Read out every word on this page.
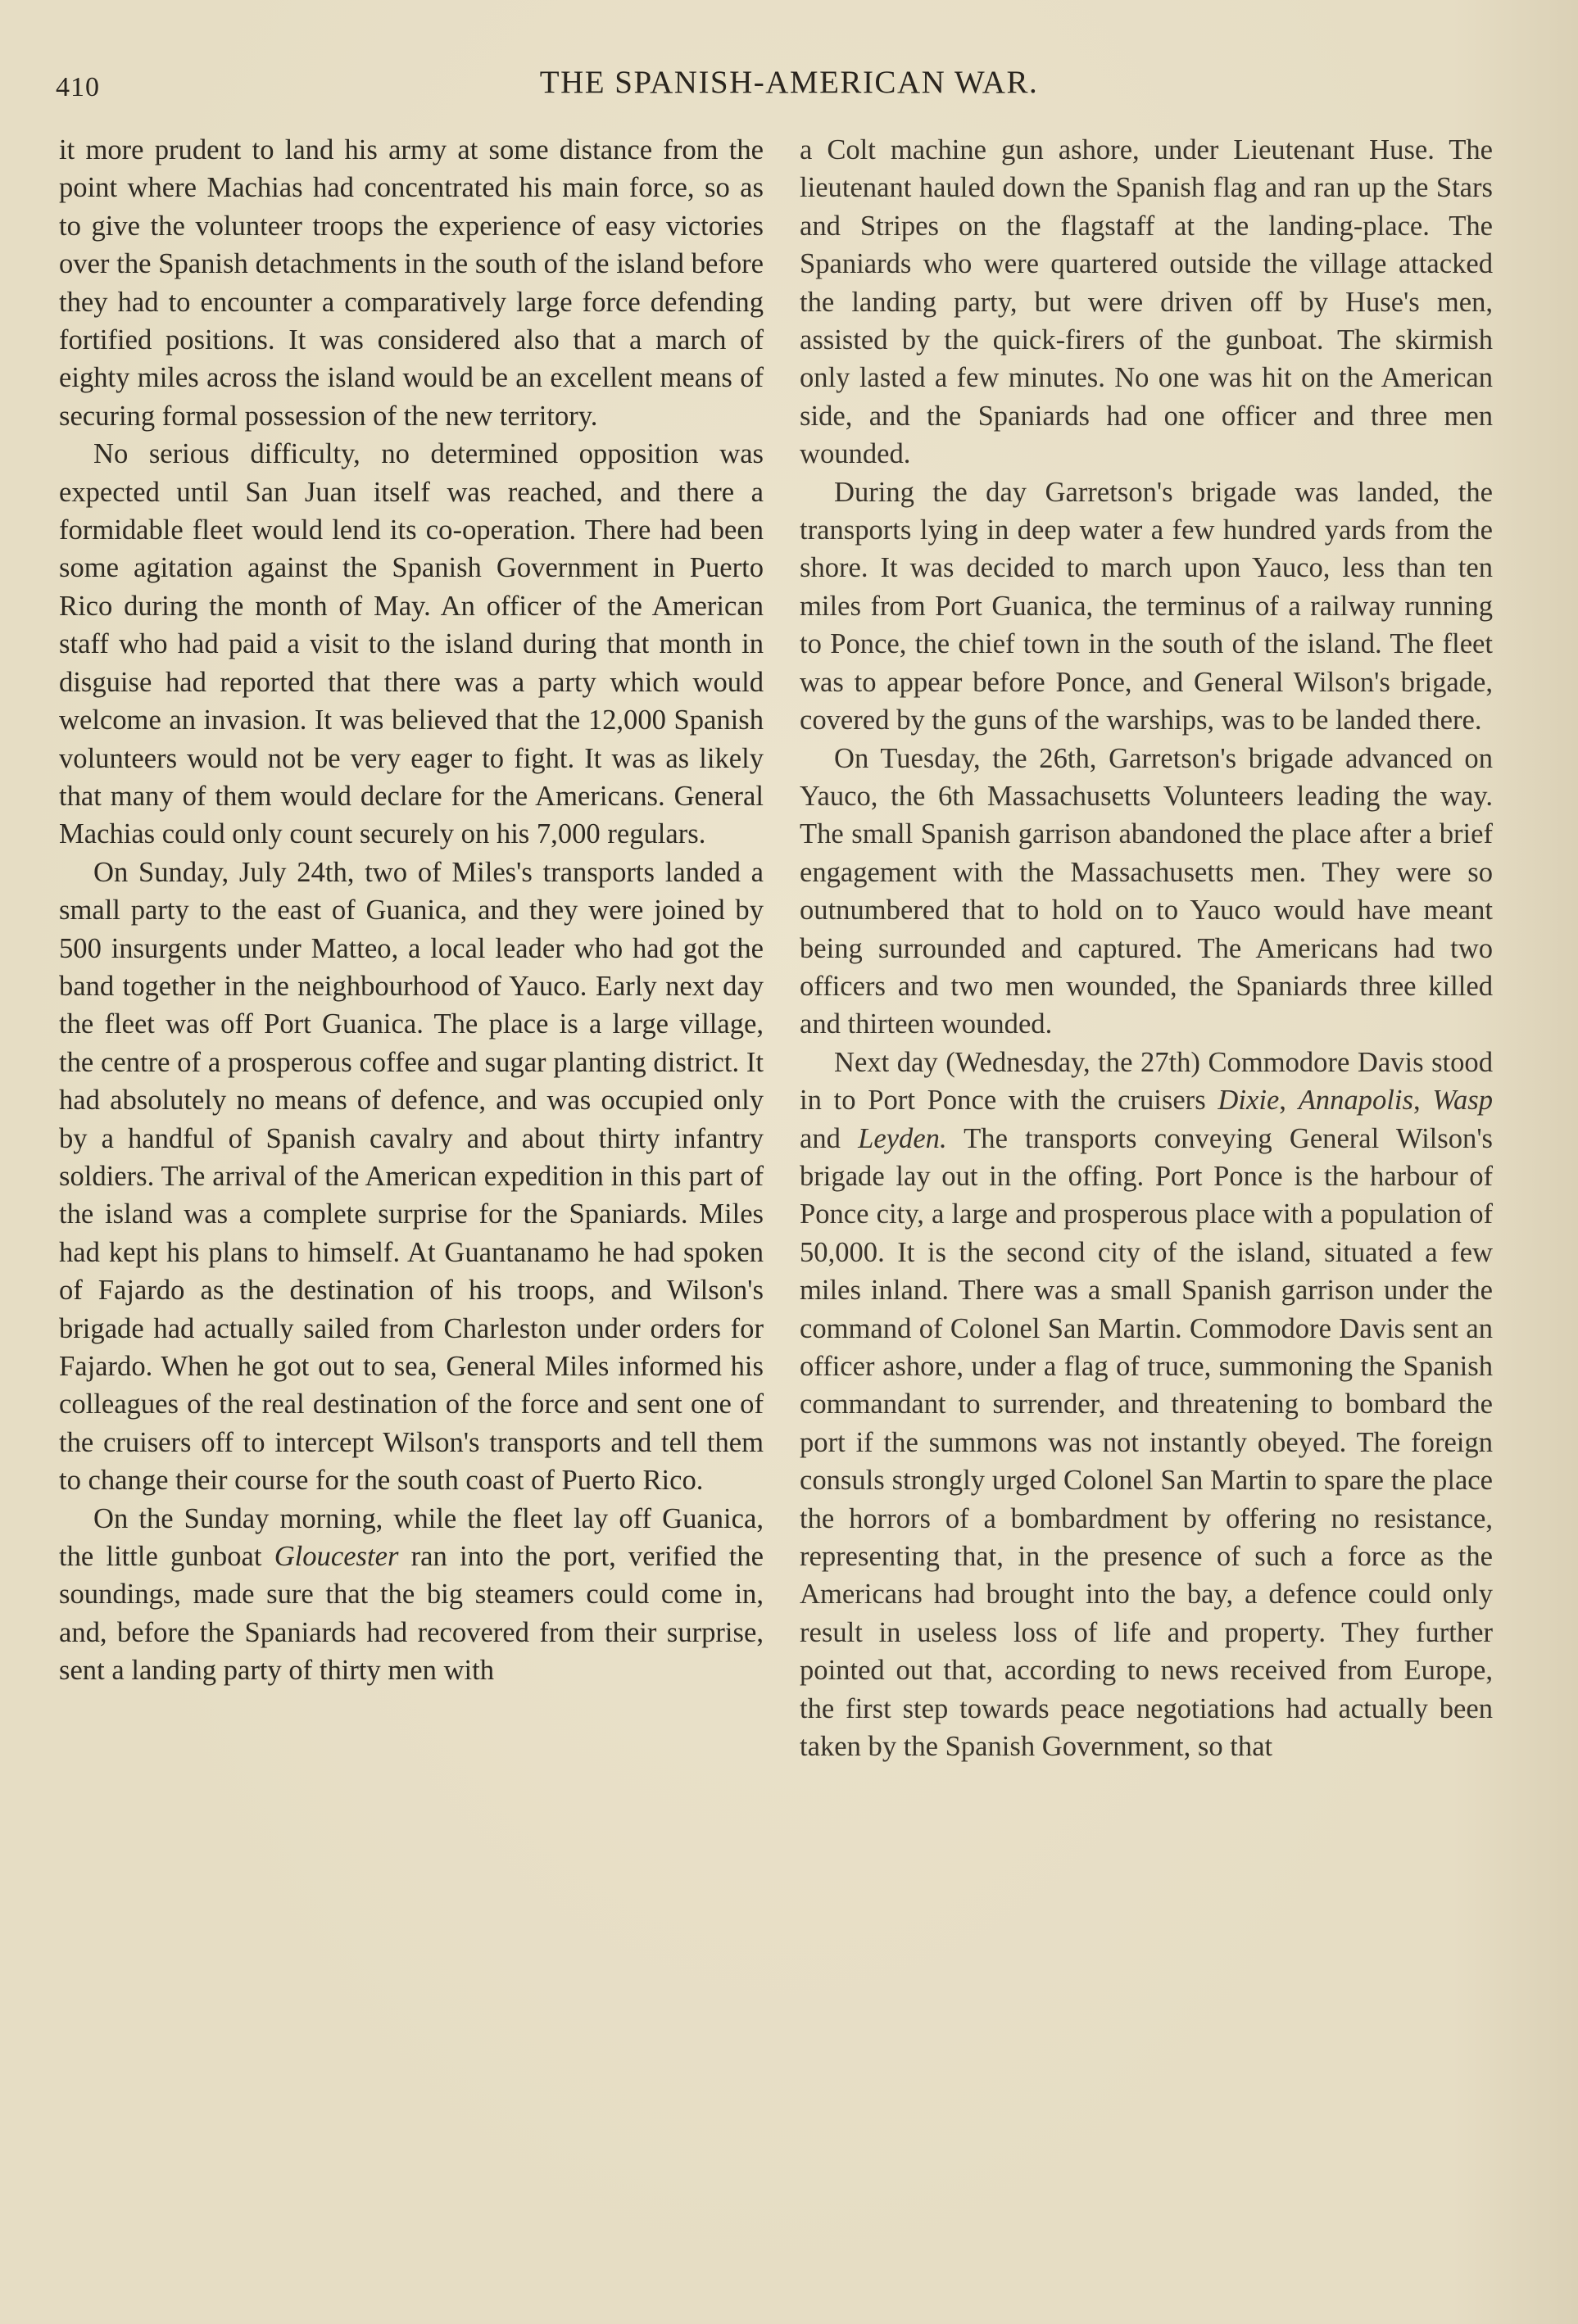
410	THE SPANISH-AMERICAN WAR.

it more prudent to land his army at some distance from the point where Machias had concentrated his main force, so as to give the volunteer troops the experience of easy victories over the Spanish detachments in the south of the island before they had to encounter a comparatively large force defending fortified positions. It was considered also that a march of eighty miles across the island would be an excellent means of securing formal possession of the new territory.

No serious difficulty, no determined opposition was expected until San Juan itself was reached, and there a formidable fleet would lend its co-operation. There had been some agitation against the Spanish Government in Puerto Rico during the month of May. An officer of the American staff who had paid a visit to the island during that month in disguise had reported that there was a party which would welcome an invasion. It was believed that the 12,000 Spanish volunteers would not be very eager to fight. It was as likely that many of them would declare for the Americans. General Machias could only count securely on his 7,000 regulars.

On Sunday, July 24th, two of Miles's transports landed a small party to the east of Guanica, and they were joined by 500 insurgents under Matteo, a local leader who had got the band together in the neighbourhood of Yauco. Early next day the fleet was off Port Guanica. The place is a large village, the centre of a prosperous coffee and sugar planting district. It had absolutely no means of defence, and was occupied only by a handful of Spanish cavalry and about thirty infantry soldiers. The arrival of the American expedition in this part of the island was a complete surprise for the Spaniards. Miles had kept his plans to himself. At Guantanamo he had spoken of Fajardo as the destination of his troops, and Wilson's brigade had actually sailed from Charleston under orders for Fajardo. When he got out to sea, General Miles informed his colleagues of the real destination of the force and sent one of the cruisers off to intercept Wilson's transports and tell them to change their course for the south coast of Puerto Rico.

On the Sunday morning, while the fleet lay off Guanica, the little gunboat Gloucester ran into the port, verified the soundings, made sure that the big steamers could come in, and, before the Spaniards had recovered from their surprise, sent a landing party of thirty men with

a Colt machine gun ashore, under Lieutenant Huse. The lieutenant hauled down the Spanish flag and ran up the Stars and Stripes on the flagstaff at the landing-place. The Spaniards who were quartered outside the village attacked the landing party, but were driven off by Huse's men, assisted by the quick-firers of the gunboat. The skirmish only lasted a few minutes. No one was hit on the American side, and the Spaniards had one officer and three men wounded.

During the day Garretson's brigade was landed, the transports lying in deep water a few hundred yards from the shore. It was decided to march upon Yauco, less than ten miles from Port Guanica, the terminus of a railway running to Ponce, the chief town in the south of the island. The fleet was to appear before Ponce, and General Wilson's brigade, covered by the guns of the warships, was to be landed there.

On Tuesday, the 26th, Garretson's brigade advanced on Yauco, the 6th Massachusetts Volunteers leading the way. The small Spanish garrison abandoned the place after a brief engagement with the Massachusetts men. They were so outnumbered that to hold on to Yauco would have meant being surrounded and captured. The Americans had two officers and two men wounded, the Spaniards three killed and thirteen wounded.

Next day (Wednesday, the 27th) Commodore Davis stood in to Port Ponce with the cruisers Dixie, Annapolis, Wasp and Leyden. The transports conveying General Wilson's brigade lay out in the offing. Port Ponce is the harbour of Ponce city, a large and prosperous place with a population of 50,000. It is the second city of the island, situated a few miles inland. There was a small Spanish garrison under the command of Colonel San Martin. Commodore Davis sent an officer ashore, under a flag of truce, summoning the Spanish commandant to surrender, and threatening to bombard the port if the summons was not instantly obeyed. The foreign consuls strongly urged Colonel San Martin to spare the place the horrors of a bombardment by offering no resistance, representing that, in the presence of such a force as the Americans had brought into the bay, a defence could only result in useless loss of life and property. They further pointed out that, according to news received from Europe, the first step towards peace negotiations had actually been taken by the Spanish Government, so that
